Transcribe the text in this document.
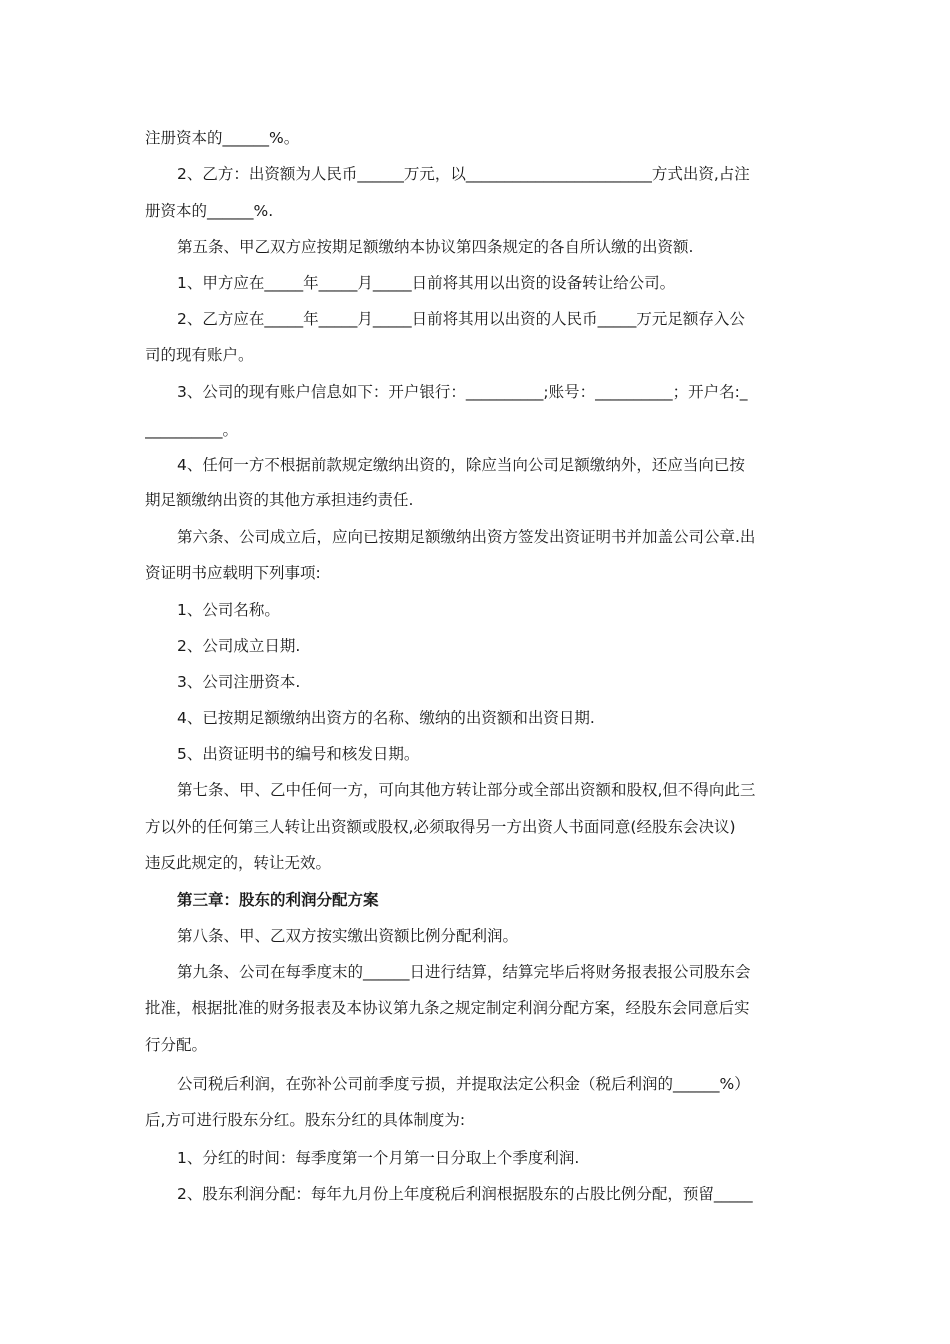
注册资本的______%。
2、乙方：出资额为人民币______万元，以________________________方式出资,占注
册资本的______%.
第五条、甲乙双方应按期足额缴纳本协议第四条规定的各自所认缴的出资额.
1、甲方应在_____年_____月_____日前将其用以出资的设备转让给公司。
2、乙方应在_____年_____月_____日前将其用以出资的人民币_____万元足额存入公
司的现有账户。
3、公司的现有账户信息如下：开户银行：__________;账号：__________；开户名:_
__________。
4、任何一方不根据前款规定缴纳出资的，除应当向公司足额缴纳外，还应当向已按
期足额缴纳出资的其他方承担违约责任.
第六条、公司成立后，应向已按期足额缴纳出资方签发出资证明书并加盖公司公章.出
资证明书应载明下列事项:
1、公司名称。
2、公司成立日期.
3、公司注册资本.
4、已按期足额缴纳出资方的名称、缴纳的出资额和出资日期.
5、出资证明书的编号和核发日期。
第七条、甲、乙中任何一方，可向其他方转让部分或全部出资额和股权,但不得向此三
方以外的任何第三人转让出资额或股权,必须取得另一方出资人书面同意(经股东会决议)
违反此规定的，转让无效。
第三章：股东的利润分配方案
第八条、甲、乙双方按实缴出资额比例分配利润。
第九条、公司在每季度末的______日进行结算，结算完毕后将财务报表报公司股东会
批准，根据批准的财务报表及本协议第九条之规定制定利润分配方案，经股东会同意后实
行分配。
公司税后利润，在弥补公司前季度亏损，并提取法定公积金（税后利润的______%）
后,方可进行股东分红。股东分红的具体制度为:
1、分红的时间：每季度第一个月第一日分取上个季度利润.
2、股东利润分配：每年九月份上年度税后利润根据股东的占股比例分配，预留_____
